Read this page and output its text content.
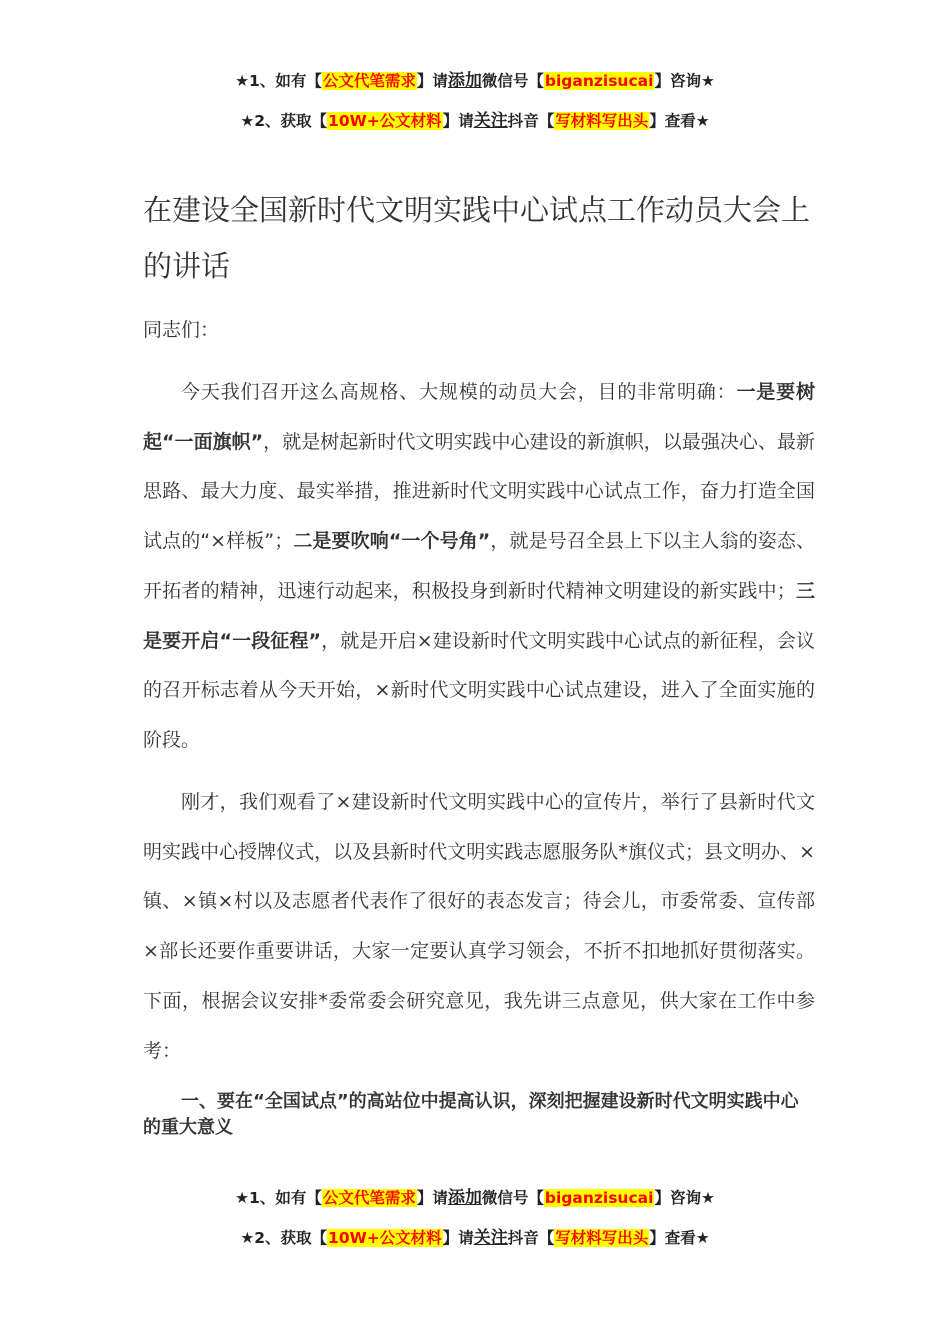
★1、如有【公文代笔需求】请添加微信号【biganzisucai】咨询★
★2、获取【10W+公文材料】请关注抖音【写材料写出头】查看★
在建设全国新时代文明实践中心试点工作动员大会上的讲话

同志们：

今天我们召开这么高规格、大规模的动员大会，目的非常明确：一是要树起“一面旗帜”，就是树起新时代文明实践中心建设的新旗帜，以最强决心、最新思路、最大力度、最实举措，推进新时代文明实践中心试点工作，奋力打造全国试点的“×样板”；二是要吹响“一个号角”，就是号召全县上下以主人翁的姿态、开拓者的精神，迅速行动起来，积极投身到新时代精神文明建设的新实践中；三是要开启“一段征程”，就是开启×建设新时代文明实践中心试点的新征程，会议的召开标志着从今天开始，×新时代文明实践中心试点建设，进入了全面实施的阶段。

刚才，我们观看了×建设新时代文明实践中心的宣传片，举行了县新时代文明实践中心授牌仪式，以及县新时代文明实践志愿服务队*旗仪式；县文明办、×镇、×镇×村以及志愿者代表作了很好的表态发言；待会儿，市委常委、宣传部×部长还要作重要讲话，大家一定要认真学习领会，不折不扣地抓好贯彻落实。下面，根据会议安排*委常委会研究意见，我先讲三点意见，供大家在工作中参考：

一、要在“全国试点”的高站位中提高认识，深刻把握建设新时代文明实践中心的重大意义

★1、如有【公文代笔需求】请添加微信号【biganzisucai】咨询★
★2、获取【10W+公文材料】请关注抖音【写材料写出头】查看★
